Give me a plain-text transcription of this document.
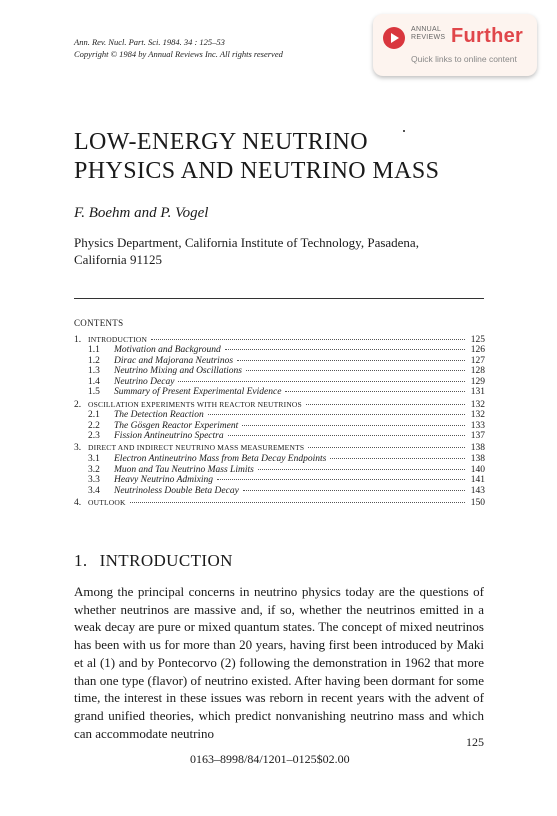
Ann. Rev. Nucl. Part. Sci. 1984. 34 : 125–53
Copyright © 1984 by Annual Reviews Inc. All rights reserved
ANNUAL
REVIEWS Further
Quick links to online content
LOW-ENERGY NEUTRINO
PHYSICS AND NEUTRINO MASS
F. Boehm and P. Vogel
Physics Department, California Institute of Technology, Pasadena, California 91125
CONTENTS
1. INTRODUCTION	125
1.1	Motivation and Background	126
1.2	Dirac and Majorana Neutrinos	127
1.3	Neutrino Mixing and Oscillations	128
1.4	Neutrino Decay	129
1.5	Summary of Present Experimental Evidence	131
2. OSCILLATION EXPERIMENTS WITH REACTOR NEUTRINOS	132
2.1	The Detection Reaction	132
2.2	The Gösgen Reactor Experiment	133
2.3	Fission Antineutrino Spectra	137
3. DIRECT AND INDIRECT NEUTRINO MASS MEASUREMENTS	138
3.1	Electron Antineutrino Mass from Beta Decay Endpoints	138
3.2	Muon and Tau Neutrino Mass Limits	140
3.3	Heavy Neutrino Admixing	141
3.4	Neutrinoless Double Beta Decay	143
4. OUTLOOK	150
1. INTRODUCTION

Among the principal concerns in neutrino physics today are the questions of whether neutrinos are massive and, if so, whether the neutrinos emitted in a weak decay are pure or mixed quantum states. The concept of mixed neutrinos has been with us for more than 20 years, having first been introduced by Maki et al (1) and by Pontecorvo (2) following the demonstration in 1962 that more than one type (flavor) of neutrino existed. After having been dormant for some time, the interest in these issues was reborn in recent years with the advent of grand unified theories, which predict nonvanishing neutrino mass and which can accommodate neutrino

125
0163–8998/84/1201–0125$02.00
